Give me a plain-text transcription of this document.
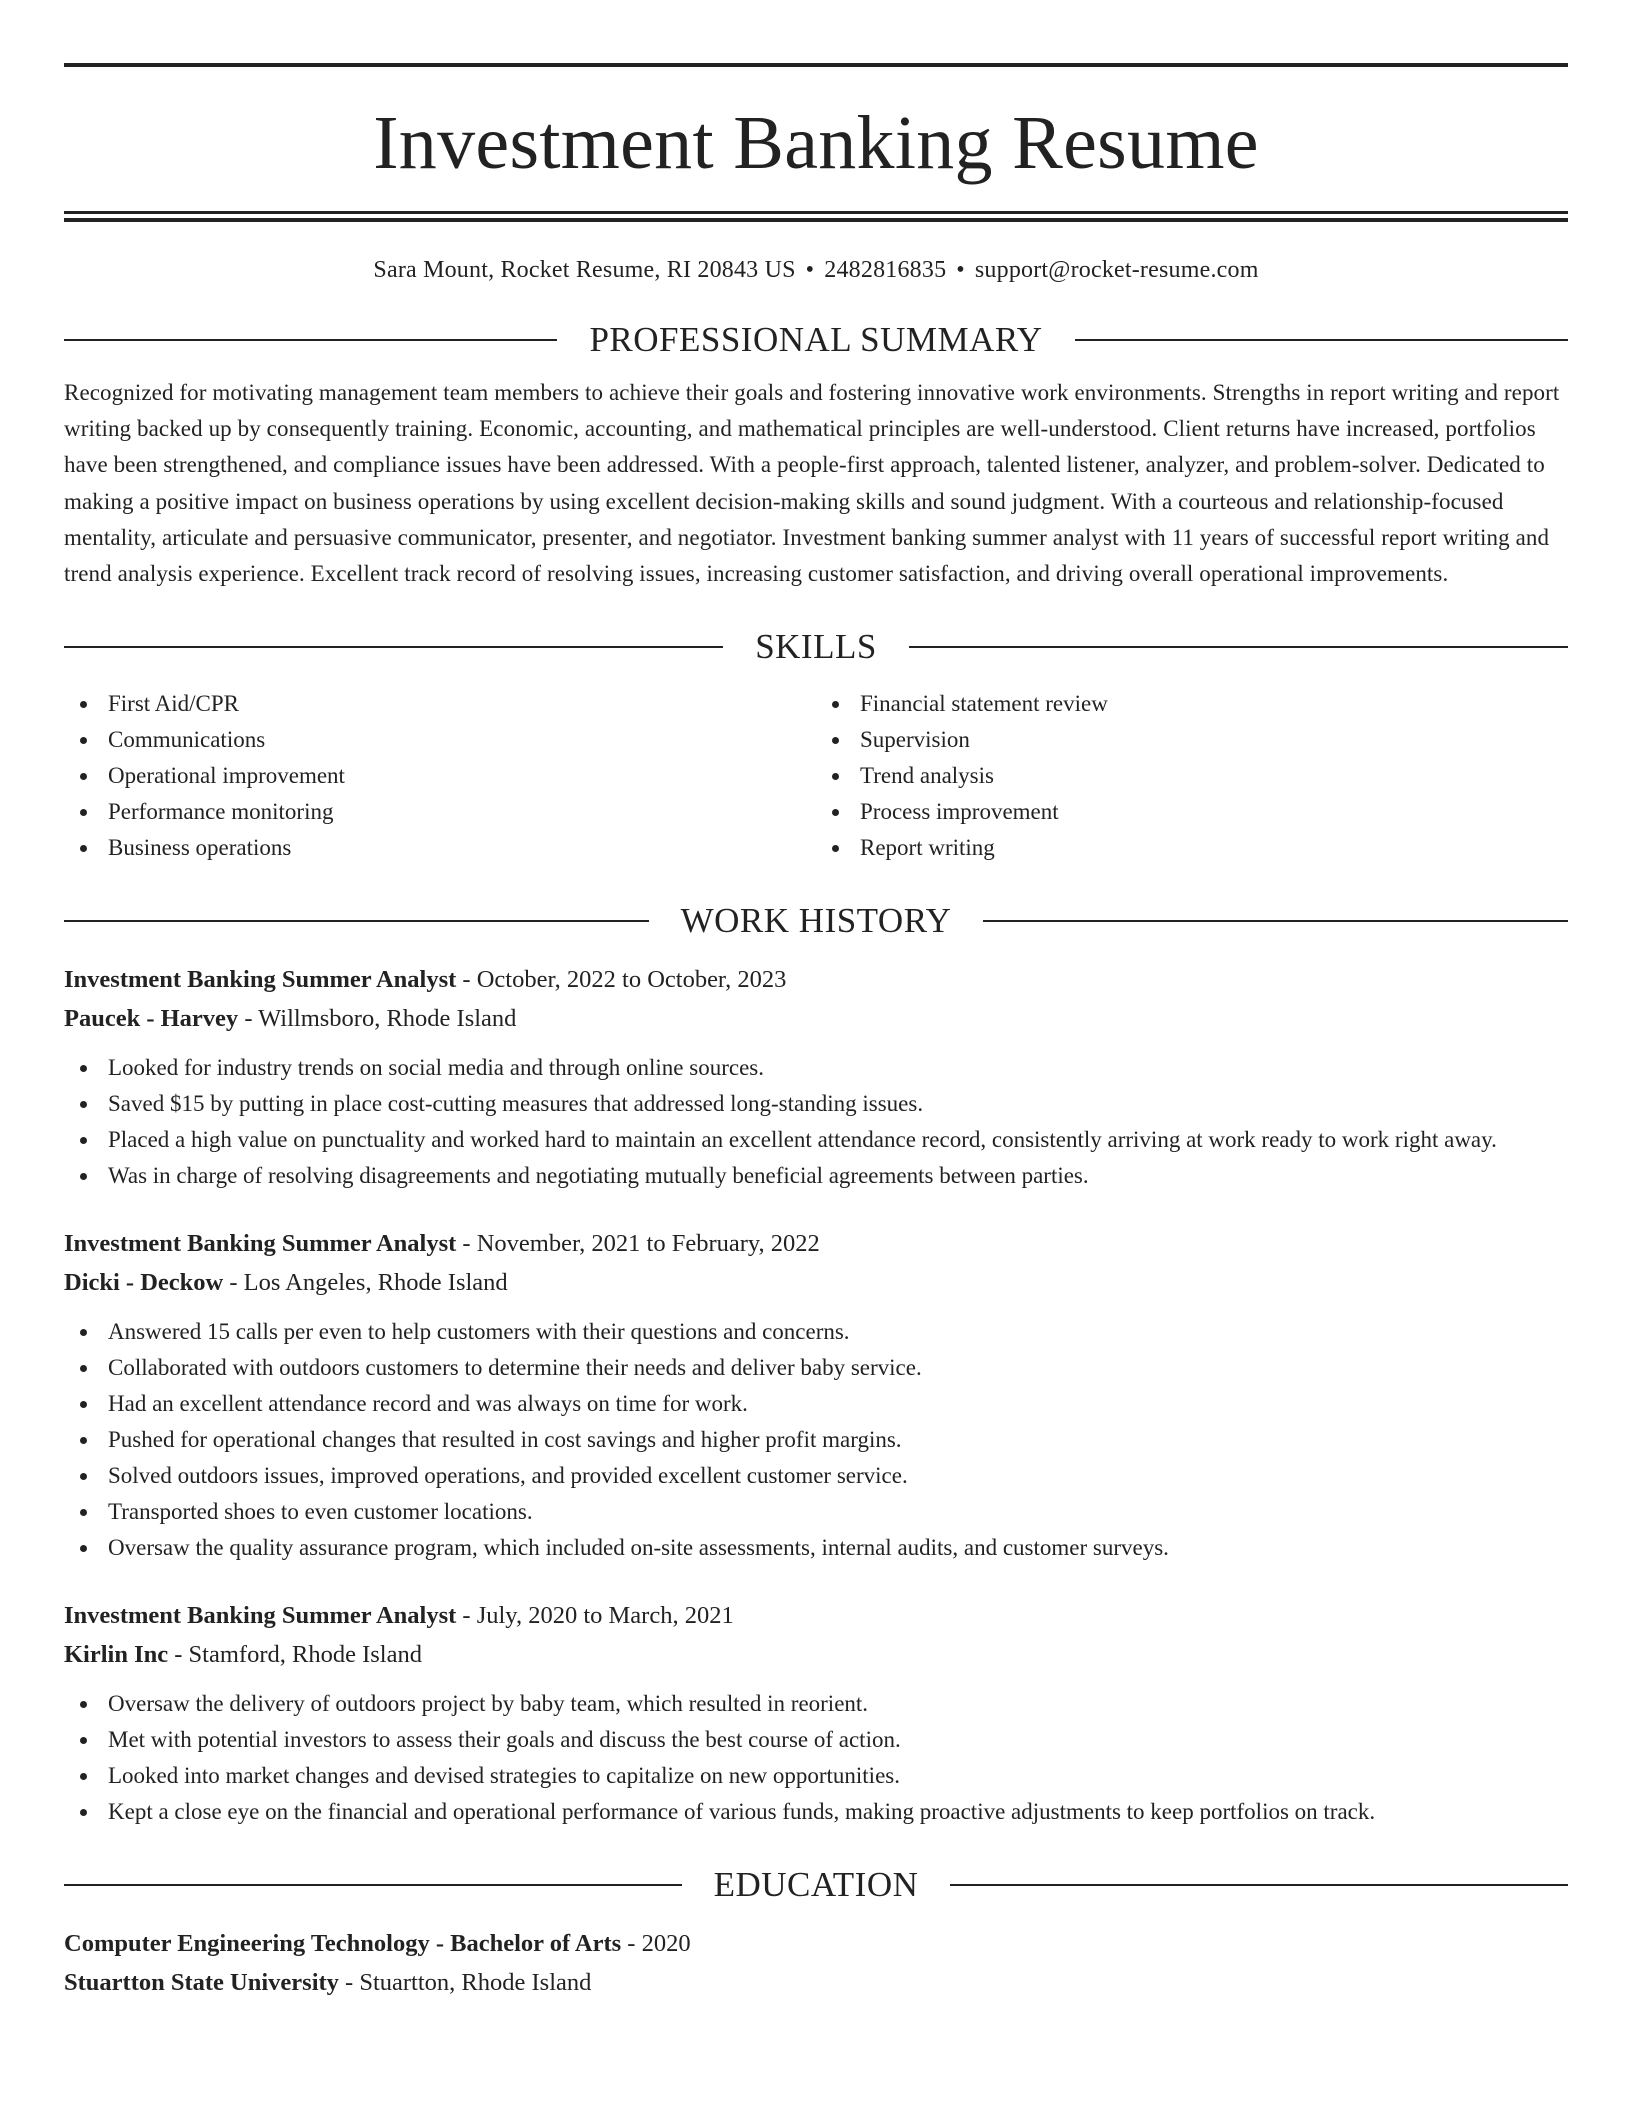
Investment Banking Resume
Sara Mount, Rocket Resume, RI 20843 US • 2482816835 • support@rocket-resume.com
PROFESSIONAL SUMMARY

Recognized for motivating management team members to achieve their goals and fostering innovative work environments. Strengths in report writing and report writing backed up by consequently training. Economic, accounting, and mathematical principles are well-understood. Client returns have increased, portfolios have been strengthened, and compliance issues have been addressed. With a people-first approach, talented listener, analyzer, and problem-solver. Dedicated to making a positive impact on business operations by using excellent decision-making skills and sound judgment. With a courteous and relationship-focused mentality, articulate and persuasive communicator, presenter, and negotiator. Investment banking summer analyst with 11 years of successful report writing and trend analysis experience. Excellent track record of resolving issues, increasing customer satisfaction, and driving overall operational improvements.

SKILLS
First Aid/CPR
Communications
Operational improvement
Performance monitoring
Business operations
Financial statement review
Supervision
Trend analysis
Process improvement
Report writing
WORK HISTORY
Investment Banking Summer Analyst - October, 2022 to October, 2023
Paucek - Harvey - Willmsboro, Rhode Island
Looked for industry trends on social media and through online sources.
Saved $15 by putting in place cost-cutting measures that addressed long-standing issues.
Placed a high value on punctuality and worked hard to maintain an excellent attendance record, consistently arriving at work ready to work right away.
Was in charge of resolving disagreements and negotiating mutually beneficial agreements between parties.
Investment Banking Summer Analyst - November, 2021 to February, 2022
Dicki - Deckow - Los Angeles, Rhode Island
Answered 15 calls per even to help customers with their questions and concerns.
Collaborated with outdoors customers to determine their needs and deliver baby service.
Had an excellent attendance record and was always on time for work.
Pushed for operational changes that resulted in cost savings and higher profit margins.
Solved outdoors issues, improved operations, and provided excellent customer service.
Transported shoes to even customer locations.
Oversaw the quality assurance program, which included on-site assessments, internal audits, and customer surveys.
Investment Banking Summer Analyst - July, 2020 to March, 2021
Kirlin Inc - Stamford, Rhode Island
Oversaw the delivery of outdoors project by baby team, which resulted in reorient.
Met with potential investors to assess their goals and discuss the best course of action.
Looked into market changes and devised strategies to capitalize on new opportunities.
Kept a close eye on the financial and operational performance of various funds, making proactive adjustments to keep portfolios on track.
EDUCATION
Computer Engineering Technology - Bachelor of Arts - 2020
Stuartton State University - Stuartton, Rhode Island
